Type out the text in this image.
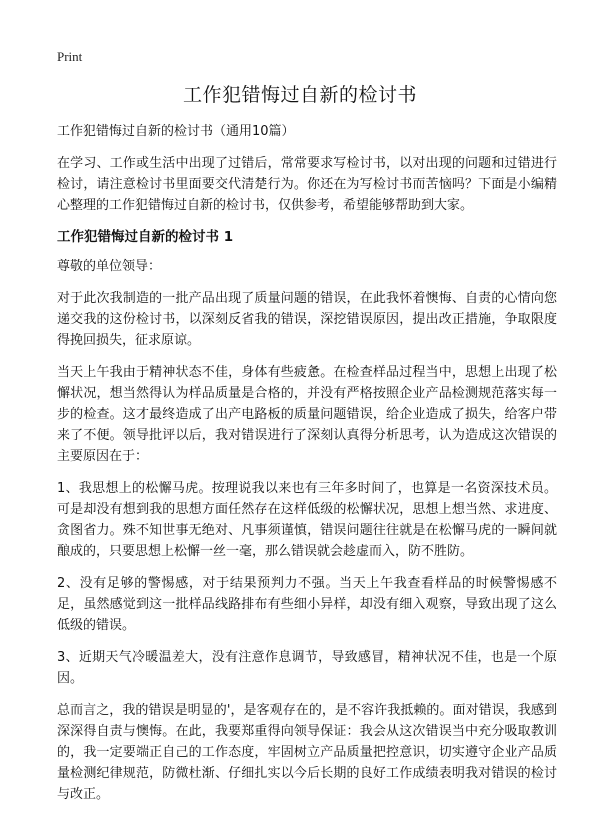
Print
工作犯错悔过自新的检讨书

工作犯错悔过自新的检讨书（通用10篇）

在学习、工作或生活中出现了过错后，常常要求写检讨书，以对出现的问题和过错进行检讨，请注意检讨书里面要交代清楚行为。你还在为写检讨书而苦恼吗？下面是小编精心整理的工作犯错悔过自新的检讨书，仅供参考，希望能够帮助到大家。

工作犯错悔过自新的检讨书 1

尊敬的单位领导：

对于此次我制造的一批产品出现了质量问题的错误，在此我怀着懊悔、自责的心情向您递交我的这份检讨书，以深刻反省我的错误，深挖错误原因，提出改正措施，争取限度得挽回损失，征求原谅。

当天上午我由于精神状态不佳，身体有些疲惫。在检查样品过程当中，思想上出现了松懈状况，想当然得认为样品质量是合格的，并没有严格按照企业产品检测规范落实每一步的检查。这才最终造成了出产电路板的质量问题错误，给企业造成了损失，给客户带来了不便。领导批评以后，我对错误进行了深刻认真得分析思考，认为造成这次错误的主要原因在于：

1、我思想上的松懈马虎。按理说我以来也有三年多时间了，也算是一名资深技术员。可是却没有想到我的思想方面任然存在这样低级的松懈状况，思想上想当然、求进度、贪图省力。殊不知世事无绝对、凡事须谨慎，错误问题往往就是在松懈马虎的一瞬间就酿成的，只要思想上松懈一丝一毫，那么错误就会趁虚而入，防不胜防。

2、没有足够的警惕感，对于结果预判力不强。当天上午我查看样品的时候警惕感不足，虽然感觉到这一批样品线路排布有些细小异样，却没有细入观察，导致出现了这么低级的错误。

3、近期天气冷暖温差大，没有注意作息调节，导致感冒，精神状况不佳，也是一个原因。

总而言之，我的错误是明显的'，是客观存在的，是不容许我抵赖的。面对错误，我感到深深得自责与懊悔。在此，我要郑重得向领导保证：我会从这次错误当中充分吸取教训的，我一定要端正自己的工作态度，牢固树立产品质量把控意识，切实遵守企业产品质量检测纪律规范，防微杜渐、仔细扎实以今后长期的良好工作成绩表明我对错误的检讨与改正。
